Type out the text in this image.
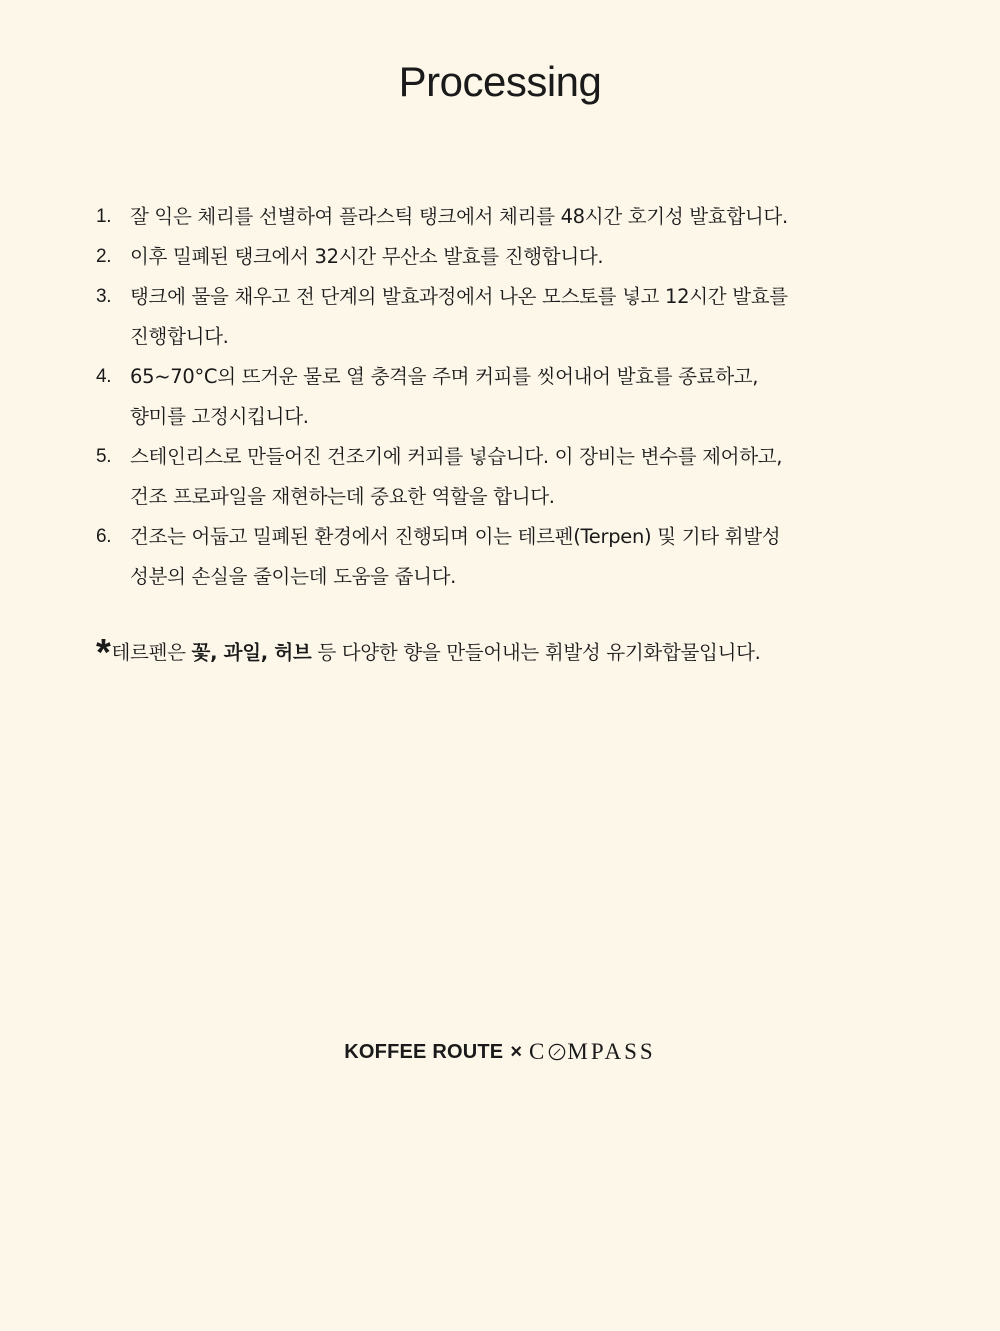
Processing
1. 잘 익은 체리를 선별하여 플라스틱 탱크에서 체리를 48시간 호기성 발효합니다.
2. 이후 밀폐된 탱크에서 32시간 무산소 발효를 진행합니다.
3. 탱크에 물을 채우고 전 단계의 발효과정에서 나온 모스토를 넣고 12시간 발효를
진행합니다.
4. 65~70°C의 뜨거운 물로 열 충격을 주며 커피를 씻어내어 발효를 종료하고,
향미를 고정시킵니다.
5. 스테인리스로 만들어진 건조기에 커피를 넣습니다. 이 장비는 변수를 제어하고,
건조 프로파일을 재현하는데 중요한 역할을 합니다.
6. 건조는 어둡고 밀폐된 환경에서 진행되며 이는 테르펜(Terpen) 및 기타 휘발성
성분의 손실을 줄이는데 도움을 줍니다.
*테르펜은 꽃, 과일, 허브 등 다양한 향을 만들어내는 휘발성 유기화합물입니다.
KOFFEE ROUTE × C MPASS
